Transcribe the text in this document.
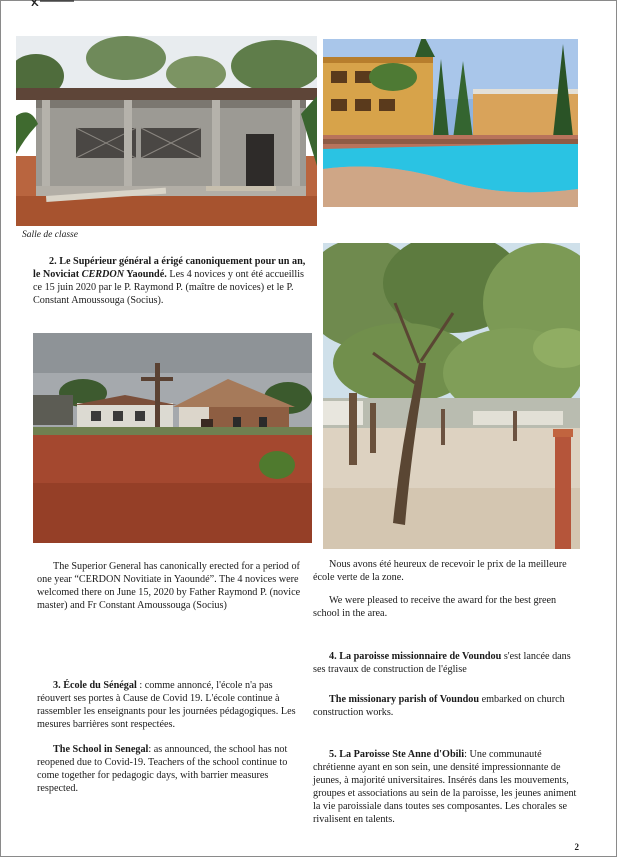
Salle de classe

2. Le Supérieur général a érigé canoniquement pour un an, le Noviciat CERDON Yaoundé. Les 4 novices y ont été accueillis ce 15 juin 2020 par le P. Raymond P. (maître de novices) et le P. Constant Amoussouga (Socius).

The Superior General has canonically erected for a period of one year “CERDON Novitiate in Yaoundé”. The 4 novices were welcomed there on June 15, 2020 by Father Raymond P. (novice master) and Fr Constant Amoussouga (Socius)

3. École du Sénégal : comme annoncé, l'école n'a pas réouvert ses portes à Cause de Covid 19. L'école continue à rassembler les enseignants pour les journées pédagogiques. Les mesures barrières sont respectées.

The School in Senegal: as announced, the school has not reopened due to Covid-19. Teachers of the school continue to come together for pedagogic days, with barrier measures respected.

Nous avons été heureux de recevoir le prix de la meilleure école verte de la zone.

We were pleased to receive the award for the best green school in the area.

4. La paroisse missionnaire de Voundou s'est lancée dans ses travaux de construction de l'église

The missionary parish of Voundou embarked on church construction works.

5. La Paroisse Ste Anne d'Obili: Une communauté chrétienne ayant en son sein, une densité impressionnante de jeunes, à majorité universitaires. Insérés dans les mouvements, groupes et associations au sein de la paroisse, les jeunes animent la vie paroissiale dans toutes ses composantes. Les chorales se rivalisent en talents.

2
